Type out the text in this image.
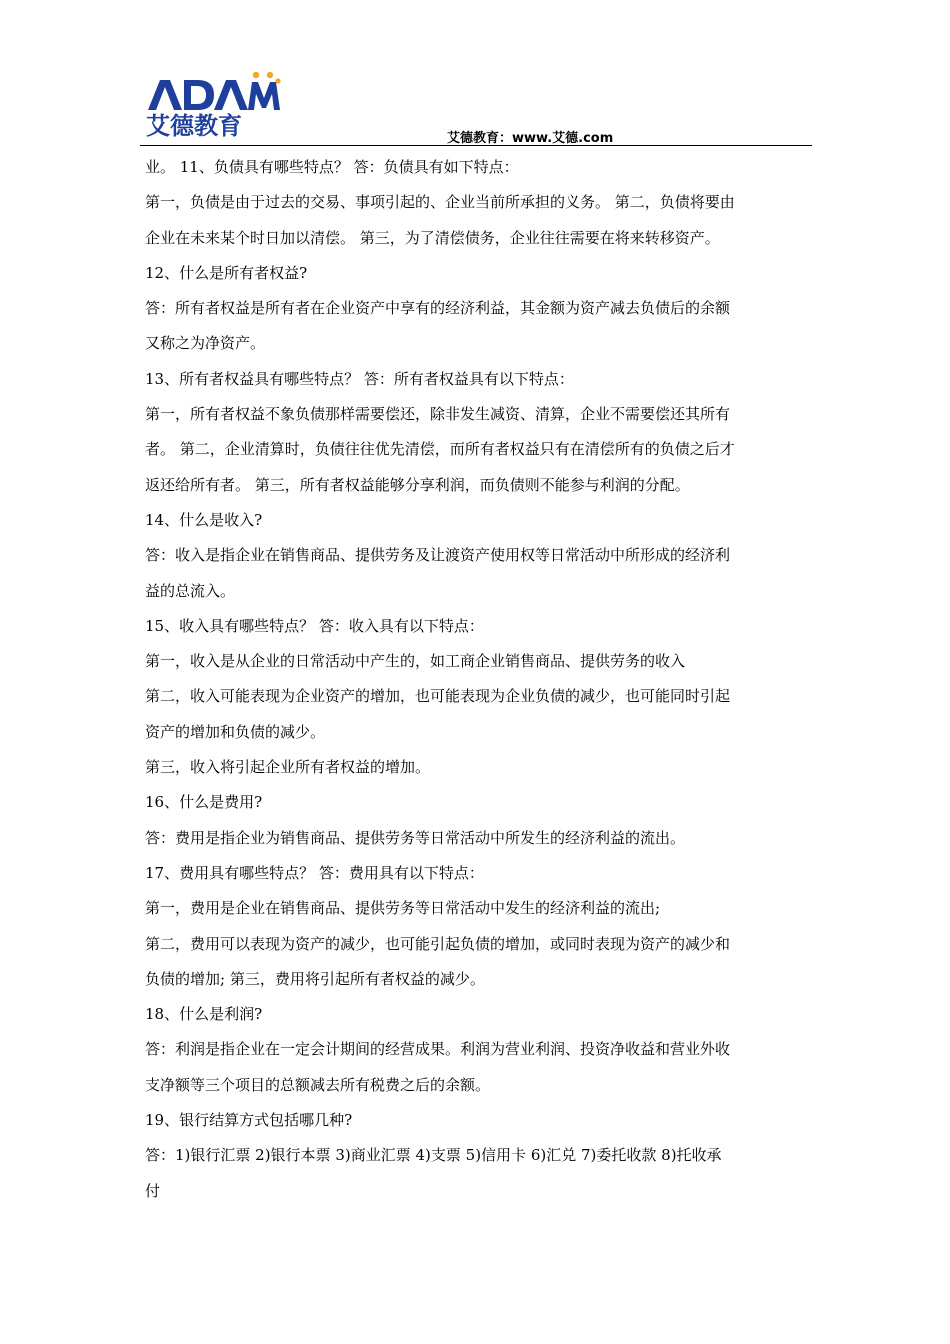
艾德教育	艾德教育：www.艾德.com
业。 11、负债具有哪些特点？ 答：负债具有如下特点：
第一，负债是由于过去的交易、事项引起的、企业当前所承担的义务。 第二，负债将要由
企业在未来某个时日加以清偿。 第三，为了清偿债务，企业往往需要在将来转移资产。
12、什么是所有者权益?
答：所有者权益是所有者在企业资产中享有的经济利益，其金额为资产减去负债后的余额
又称之为净资产。
13、所有者权益具有哪些特点？ 答：所有者权益具有以下特点：
第一，所有者权益不象负债那样需要偿还，除非发生减资、清算，企业不需要偿还其所有
者。 第二，企业清算时，负债往往优先清偿，而所有者权益只有在清偿所有的负债之后才
返还给所有者。 第三，所有者权益能够分享利润，而负债则不能参与利润的分配。
14、什么是收入?
答：收入是指企业在销售商品、提供劳务及让渡资产使用权等日常活动中所形成的经济利
益的总流入。
15、收入具有哪些特点？ 答：收入具有以下特点：
第一，收入是从企业的日常活动中产生的，如工商企业销售商品、提供劳务的收入
第二，收入可能表现为企业资产的增加，也可能表现为企业负债的减少，也可能同时引起
资产的增加和负债的减少。
第三，收入将引起企业所有者权益的增加。
16、什么是费用?
答：费用是指企业为销售商品、提供劳务等日常活动中所发生的经济利益的流出。
17、费用具有哪些特点？ 答：费用具有以下特点：
第一，费用是企业在销售商品、提供劳务等日常活动中发生的经济利益的流出;
第二，费用可以表现为资产的减少，也可能引起负债的增加，或同时表现为资产的减少和
负债的增加; 第三，费用将引起所有者权益的减少。
18、什么是利润?
答：利润是指企业在一定会计期间的经营成果。利润为营业利润、投资净收益和营业外收
支净额等三个项目的总额减去所有税费之后的余额。
19、银行结算方式包括哪几种?
答：1)银行汇票 2)银行本票 3)商业汇票 4)支票 5)信用卡 6)汇兑 7)委托收款 8)托收承
付
